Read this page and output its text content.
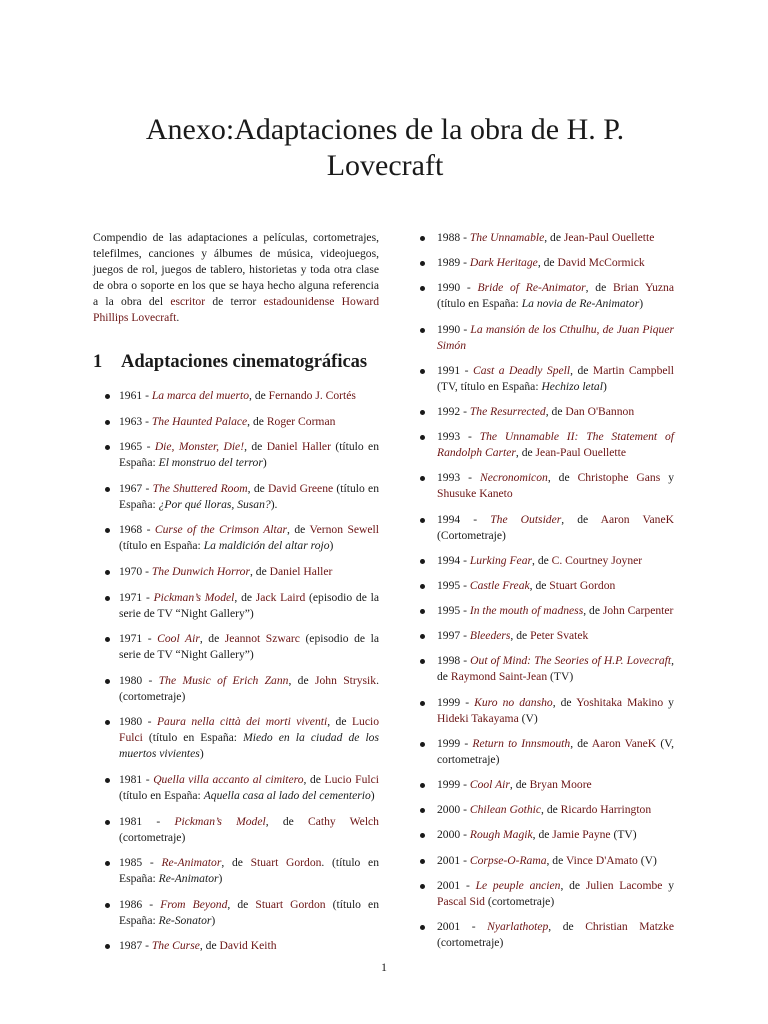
Anexo:Adaptaciones de la obra de H. P. Lovecraft

Compendio de las adaptaciones a películas, cortometrajes, telefilmes, canciones y álbumes de música, videojuegos, juegos de rol, juegos de tablero, historietas y toda otra clase de obra o soporte en los que se haya hecho alguna referencia a la obra del escritor de terror estadounidense Howard Phillips Lovecraft.

1 Adaptaciones cinematográficas
1961 - La marca del muerto, de Fernando J. Cortés
1963 - The Haunted Palace, de Roger Corman
1965 - Die, Monster, Die!, de Daniel Haller (título en España: El monstruo del terror)
1967 - The Shuttered Room, de David Greene (título en España: ¿Por qué lloras, Susan?).
1968 - Curse of the Crimson Altar, de Vernon Sewell (título en España: La maldición del altar rojo)
1970 - The Dunwich Horror, de Daniel Haller
1971 - Pickman’s Model, de Jack Laird (episodio de la serie de TV “Night Gallery”)
1971 - Cool Air, de Jeannot Szwarc (episodio de la serie de TV “Night Gallery”)
1980 - The Music of Erich Zann, de John Strysik. (cortometraje)
1980 - Paura nella città dei morti viventi, de Lucio Fulci (título en España: Miedo en la ciudad de los muertos vivientes)
1981 - Quella villa accanto al cimitero, de Lucio Fulci (título en España: Aquella casa al lado del cementerio)
1981 - Pickman’s Model, de Cathy Welch (cortometraje)
1985 - Re-Animator, de Stuart Gordon. (título en España: Re-Animator)
1986 - From Beyond, de Stuart Gordon (título en España: Re-Sonator)
1987 - The Curse, de David Keith
1988 - The Unnamable, de Jean-Paul Ouellette
1989 - Dark Heritage, de David McCormick
1990 - Bride of Re-Animator, de Brian Yuzna (título en España: La novia de Re-Animator)
1990 - La mansión de los Cthulhu, de Juan Piquer Simón
1991 - Cast a Deadly Spell, de Martin Campbell (TV, título en España: Hechizo letal)
1992 - The Resurrected, de Dan O'Bannon
1993 - The Unnamable II: The Statement of Randolph Carter, de Jean-Paul Ouellette
1993 - Necronomicon, de Christophe Gans y Shusuke Kaneto
1994 - The Outsider, de Aaron VaneK (Cortometraje)
1994 - Lurking Fear, de C. Courtney Joyner
1995 - Castle Freak, de Stuart Gordon
1995 - In the mouth of madness, de John Carpenter
1997 - Bleeders, de Peter Svatek
1998 - Out of Mind: The Seories of H.P. Lovecraft, de Raymond Saint-Jean (TV)
1999 - Kuro no dansho, de Yoshitaka Makino y Hideki Takayama (V)
1999 - Return to Innsmouth, de Aaron VaneK (V, cortometraje)
1999 - Cool Air, de Bryan Moore
2000 - Chilean Gothic, de Ricardo Harrington
2000 - Rough Magik, de Jamie Payne (TV)
2001 - Corpse-O-Rama, de Vince D'Amato (V)
2001 - Le peuple ancien, de Julien Lacombe y Pascal Sid (cortometraje)
2001 - Nyarlathotep, de Christian Matzke (cortometraje)
1
